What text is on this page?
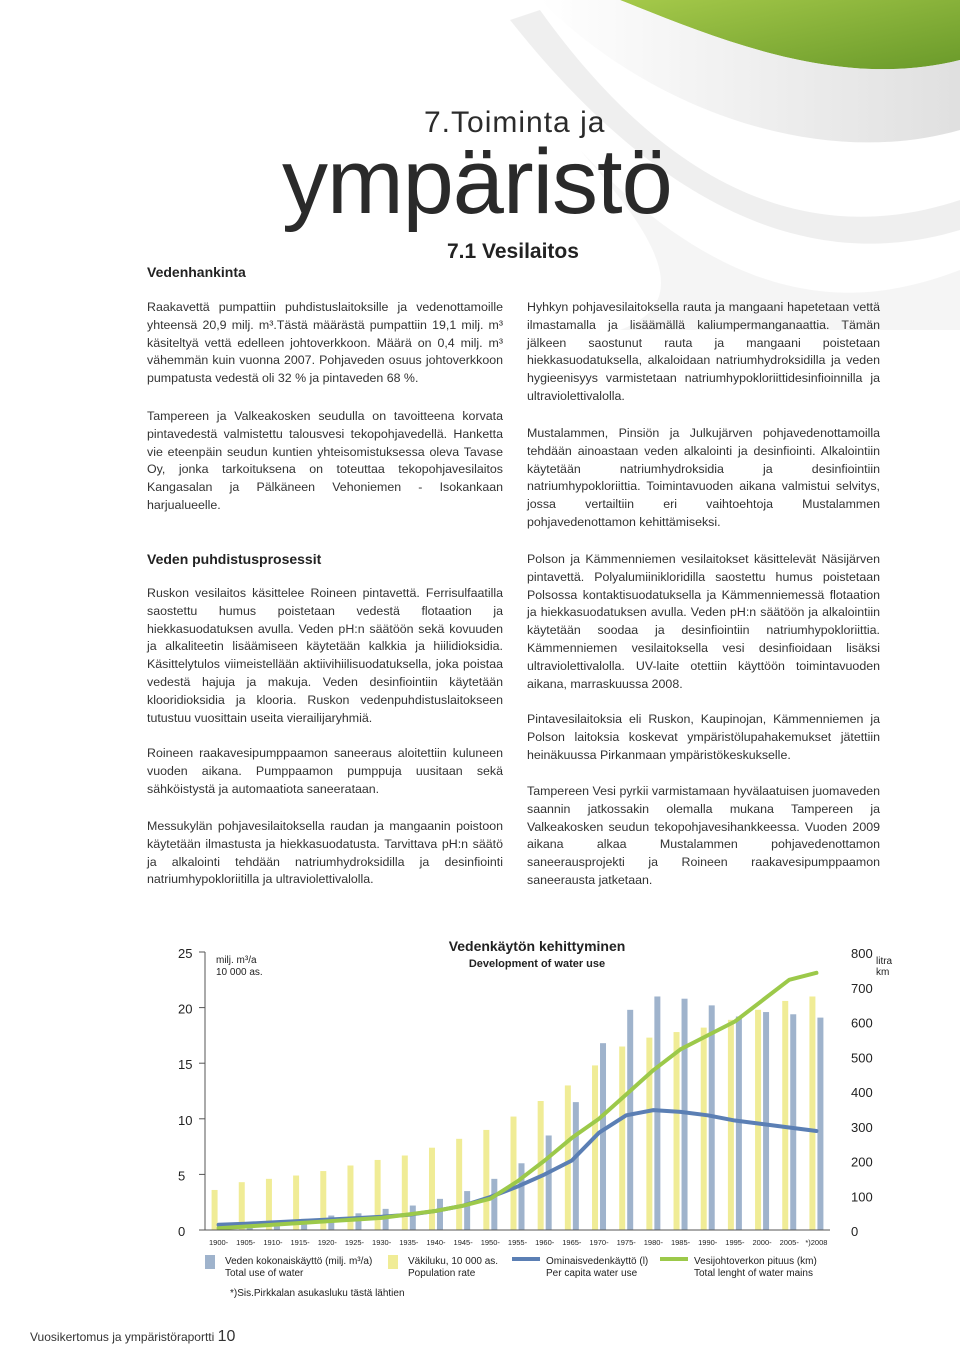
7.Toiminta ja
ympäristö
7.1 Vesilaitos
Vedenhankinta
Raakavettä pumpattiin puhdistuslaitoksille ja vedenottamoille yhteensä 20,9 milj. m³.Tästä määrästä pumpattiin 19,1 milj. m³ käsiteltyä vettä edelleen johtoverkkoon. Määrä on 0,4 milj. m³ vähemmän kuin vuonna 2007. Pohjaveden osuus johtoverkkoon pumpatusta vedestä oli 32 % ja pintaveden 68 %.
Tampereen ja Valkeakosken seudulla on tavoitteena korvata pintavedestä valmistettu talousvesi tekopohjavedellä. Hanketta vie eteenpäin seudun kuntien yhteisomistuksessa oleva Tavase Oy, jonka tarkoituksena on toteuttaa tekopohjavesilaitos Kangasalan ja Pälkäneen Vehoniemen - Isokankaan harjualueelle.
Veden puhdistusprosessit
Ruskon vesilaitos käsittelee Roineen pintavettä. Ferrisulfaatilla saostettu humus poistetaan vedestä flotaation ja hiekkasuodatuksen avulla. Veden pH:n säätöön sekä kovuuden ja alkaliteetin lisäämiseen käytetään kalkkia ja hiilidioksidia. Käsittelytulos viimeistellään aktiivihiilisuodatuksella, joka poistaa vedestä hajuja ja makuja. Veden desinfiointiin käytetään klooridioksidia ja klooria. Ruskon vedenpuhdistuslaitokseen tutustuu vuosittain useita vierailijaryhmiä.
Roineen raakavesipumppaamon saneeraus aloitettiin kuluneen vuoden aikana. Pumppaamon pumppuja uusitaan sekä sähköistystä ja automaatiota saneerataan.
Messukylän pohjavesilaitoksella raudan ja mangaanin poistoon käytetään ilmastusta ja hiekkasuodatusta. Tarvittava pH:n säätö ja alkalointi tehdään natriumhydroksidilla ja desinfiointi natriumhypokloriitilla ja ultraviolettivalolla.
Hyhkyn pohjavesilaitoksella rauta ja mangaani hapetetaan vettä ilmastamalla ja lisäämällä kaliumpermanganaattia. Tämän jälkeen saostunut rauta ja mangaani poistetaan hiekkasuodatuksella, alkaloidaan natriumhydroksidilla ja veden hygieenisyys varmistetaan natriumhypokloriittidesinfioinnilla ja ultraviolettivalolla.
Mustalammen, Pinsiön ja Julkujärven pohjavedenottamoilla tehdään ainoastaan veden alkalointi ja desinfiointi. Alkalointiin käytetään natriumhydroksidia ja desinfiointiin natriumhypokloriittia. Toimintavuoden aikana valmistui selvitys, jossa vertailtiin eri vaihtoehtoja Mustalammen pohjavedenottamon kehittämiseksi.
Polson ja Kämmenniemen vesilaitokset käsittelevät Näsijärven pintavettä. Polyalumiinikloridilla saostettu humus poistetaan Polsossa kontaktisuodatuksella ja Kämmenniemessä flotaation ja hiekkasuodatuksen avulla. Veden pH:n säätöön ja alkalointiin käytetään soodaa ja desinfiointiin natriumhypokloriittia. Kämmenniemen vesilaitoksella vesi desinfioidaan lisäksi ultraviolettivalolla. UV-laite otettiin käyttöön toimintavuoden aikana, marraskuussa 2008.
Pintavesilaitoksia eli Ruskon, Kaupinojan, Kämmenniemen ja Polson laitoksia koskevat ympäristölupahakemukset jätettiin heinäkuussa Pirkanmaan ympäristökeskukselle.
Tampereen Vesi pyrkii varmistamaan hyvälaatuisen juomaveden saannin jatkossakin olemalla mukana Tampereen ja Valkeakosken seudun tekopohjavesihankkeessa. Vuoden 2009 aikana alkaa Mustalammen pohjavedenottamon saneerausprojekti ja Roineen raakavesipumppaamon saneerausta jatketaan.
0
5
10
15
20
25
0
100
200
300
400
500
600
700
800
1900- 1905- 1910- 1915- 1920- 1925- 1930- 1935- 1940- 1945- 1950- 1955- 1960- 1965- 1970- 1975- 1980- 1985- 1990- 1995- 2000- 2005- *)2008
Vedenkäytön kehittyminen
Development of water use
milj. m³/a
10 000 as.
litra
km
Veden kokonaiskäyttö (milj. m³/a)
Total use of water
Väkiluku, 10 000 as.
Population rate
Ominaisvedenkäyttö (l)
Per capita water use
Vesijohtoverkon pituus (km)
Total lenght of water mains
*)Sis.Pirkkalan asukasluku tästä lähtien
Vuosikertomus ja ympäristöraportti 10
